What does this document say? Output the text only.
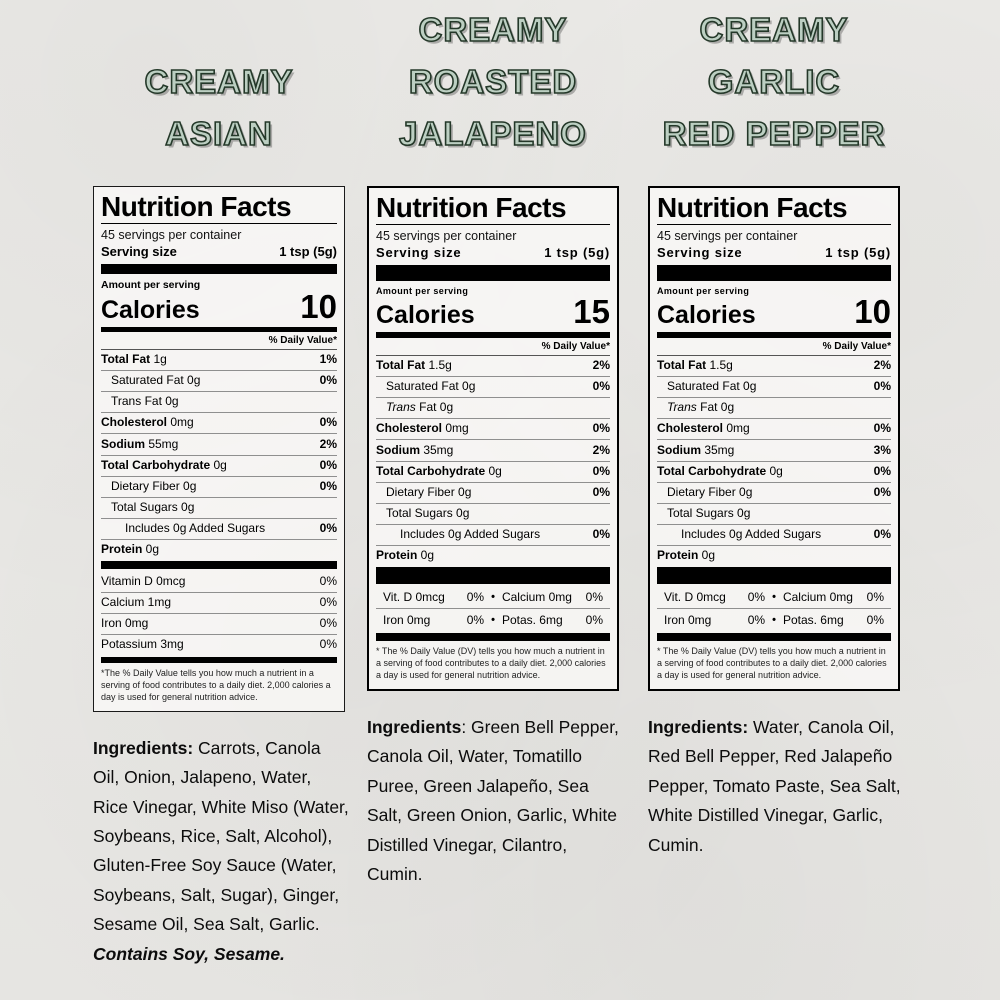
CREAMY
ASIAN
Nutrition Facts
45 servings per container
Serving size	1 tsp (5g)
Amount per serving
Calories	10
% Daily Value*
Total Fat 1g	1%
Saturated Fat 0g	0%
Trans Fat 0g
Cholesterol 0mg	0%
Sodium 55mg	2%
Total Carbohydrate 0g	0%
Dietary Fiber 0g	0%
Total Sugars 0g
Includes 0g Added Sugars	0%
Protein 0g
Vitamin D 0mcg	0%
Calcium 1mg	0%
Iron 0mg	0%
Potassium 3mg	0%
*The % Daily Value tells you how much a nutrient in a serving of food contributes to a daily diet. 2,000 calories a day is used for general nutrition advice.

Ingredients: Carrots, Canola Oil, Onion, Jalapeno, Water, Rice Vinegar, White Miso (Water, Soybeans, Rice, Salt, Alcohol), Gluten-Free Soy Sauce (Water, Soybeans, Salt, Sugar), Ginger, Sesame Oil, Sea Salt, Garlic. Contains Soy, Sesame.

CREAMY
ROASTED
JALAPENO
Nutrition Facts
45 servings per container
Serving size	1 tsp (5g)
Amount per serving
Calories	15
% Daily Value*
Total Fat 1.5g	2%
Saturated Fat 0g	0%
Trans Fat 0g
Cholesterol 0mg	0%
Sodium 35mg	2%
Total Carbohydrate 0g	0%
Dietary Fiber 0g	0%
Total Sugars 0g
Includes 0g Added Sugars	0%
Protein 0g
Vit. D 0mcg 0% • Calcium 0mg 0%
Iron 0mg	0% • Potas. 6mg 0%
* The % Daily Value (DV) tells you how much a nutrient in a serving of food contributes to a daily diet. 2,000 calories a day is used for general nutrition advice.

Ingredients: Green Bell Pepper, Canola Oil, Water, Tomatillo Puree, Green Jalapeño, Sea Salt, Green Onion, Garlic, White Distilled Vinegar, Cilantro, Cumin.

CREAMY
GARLIC
RED PEPPER
Nutrition Facts
45 servings per container
Serving size	1 tsp (5g)
Amount per serving
Calories	10
% Daily Value*
Total Fat 1.5g	2%
Saturated Fat 0g	0%
Trans Fat 0g
Cholesterol 0mg	0%
Sodium 35mg	3%
Total Carbohydrate 0g	0%
Dietary Fiber 0g	0%
Total Sugars 0g
Includes 0g Added Sugars	0%
Protein 0g
Vit. D 0mcg 0% • Calcium 0mg 0%
Iron 0mg	0% • Potas. 6mg 0%
* The % Daily Value (DV) tells you how much a nutrient in a serving of food contributes to a daily diet. 2,000 calories a day is used for general nutrition advice.

Ingredients: Water, Canola Oil, Red Bell Pepper, Red Jalapeño Pepper, Tomato Paste, Sea Salt, White Distilled Vinegar, Garlic, Cumin.
